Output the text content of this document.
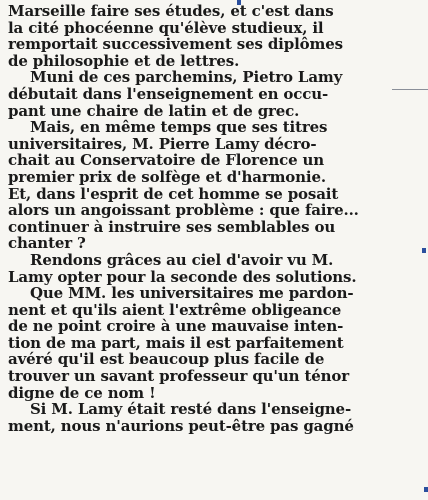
Marseille faire ses études, et c'est dans
la cité phocéenne qu'élève studieux, il
remportait successivement ses diplômes
de philosophie et de lettres.

Muni de ces parchemins, Pietro Lamy
débutait dans l'enseignement en occu-
pant une chaire de latin et de grec.

Mais, en même temps que ses titres
universitaires, M. Pierre Lamy décro-
chait au Conservatoire de Florence un
premier prix de solfège et d'harmonie.
Et, dans l'esprit de cet homme se posait
alors un angoissant problème : que faire...
continuer à instruire ses semblables ou
chanter ?

Rendons grâces au ciel d'avoir vu M.
Lamy opter pour la seconde des solutions.
Que MM. les universitaires me pardon-
nent et qu'ils aient l'extrême obligeance
de ne point croire à une mauvaise inten-
tion de ma part, mais il est parfaitement
avéré qu'il est beaucoup plus facile de
trouver un savant professeur qu'un ténor
digne de ce nom !

Si M. Lamy était resté dans l'enseigne-
ment, nous n'aurions peut-être pas gagné
